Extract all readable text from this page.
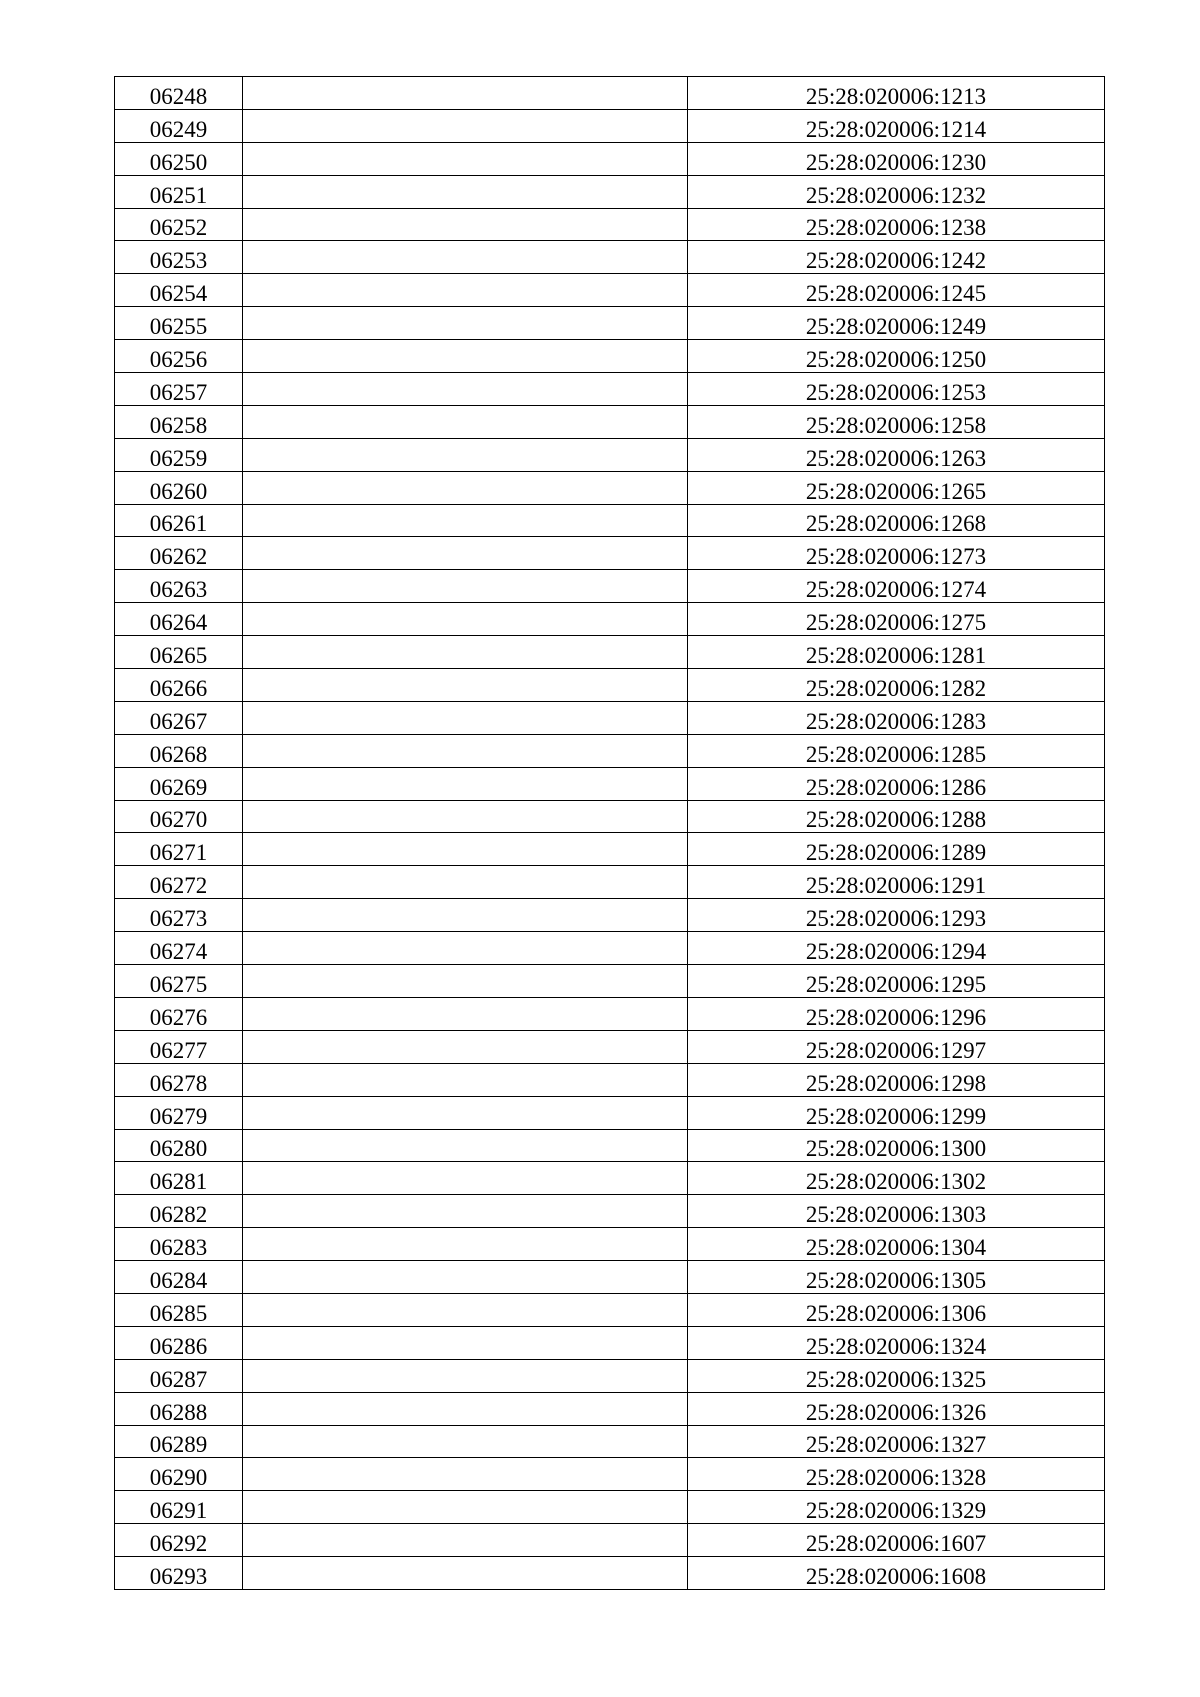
06248		25:28:020006:1213
06249		25:28:020006:1214
06250		25:28:020006:1230
06251		25:28:020006:1232
06252		25:28:020006:1238
06253		25:28:020006:1242
06254		25:28:020006:1245
06255		25:28:020006:1249
06256		25:28:020006:1250
06257		25:28:020006:1253
06258		25:28:020006:1258
06259		25:28:020006:1263
06260		25:28:020006:1265
06261		25:28:020006:1268
06262		25:28:020006:1273
06263		25:28:020006:1274
06264		25:28:020006:1275
06265		25:28:020006:1281
06266		25:28:020006:1282
06267		25:28:020006:1283
06268		25:28:020006:1285
06269		25:28:020006:1286
06270		25:28:020006:1288
06271		25:28:020006:1289
06272		25:28:020006:1291
06273		25:28:020006:1293
06274		25:28:020006:1294
06275		25:28:020006:1295
06276		25:28:020006:1296
06277		25:28:020006:1297
06278		25:28:020006:1298
06279		25:28:020006:1299
06280		25:28:020006:1300
06281		25:28:020006:1302
06282		25:28:020006:1303
06283		25:28:020006:1304
06284		25:28:020006:1305
06285		25:28:020006:1306
06286		25:28:020006:1324
06287		25:28:020006:1325
06288		25:28:020006:1326
06289		25:28:020006:1327
06290		25:28:020006:1328
06291		25:28:020006:1329
06292		25:28:020006:1607
06293		25:28:020006:1608
